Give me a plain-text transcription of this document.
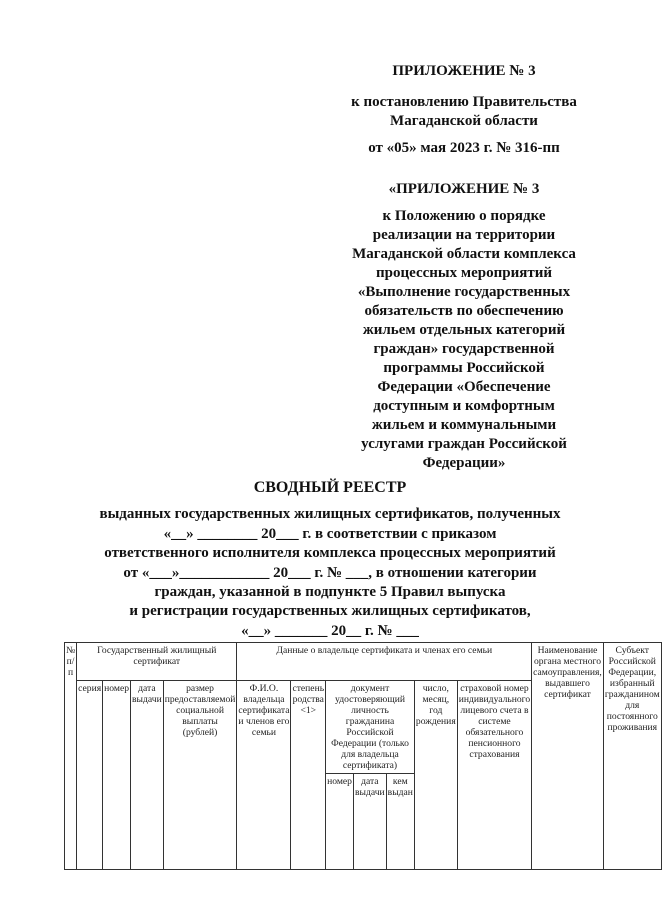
ПРИЛОЖЕНИЕ № 3

к постановлению Правительства

Магаданской области

от «05» мая 2023 г. № 316-пп

«ПРИЛОЖЕНИЕ № 3

к Положению о порядке

реализации на территории

Магаданской области комплекса

процессных мероприятий

«Выполнение государственных

обязательств по обеспечению

жильем отдельных категорий

граждан» государственной

программы Российской

Федерации «Обеспечение

доступным и комфортным

жильем и коммунальными

услугами граждан Российской

Федерации»

СВОДНЫЙ РЕЕСТР

выданных государственных жилищных сертификатов, полученных

«__» ________ 20___ г. в соответствии с приказом

ответственного исполнителя комплекса процессных мероприятий

от «___»____________ 20___ г. № ___, в отношении категории

граждан, указанной в подпункте 5 Правил выпуска

и регистрации государственных жилищных сертификатов,

«__» _______ 20__ г. № ___

№ п/п	Государственный жилищный сертификат				Данные о владельце сертификата и членах его семьи							Наименование органа местного самоуправления, выдавшего сертификат	Субъект Российской Федерации, избранный гражданином для постоянного проживания
	серия	номер	дата выдачи	размер предоставляемой социальной выплаты (рублей)	Ф.И.О. владельца сертификата и членов его семьи	степень родства <1>	документ удостоверяющий личность гражданина Российской Федерации (только для владельца сертификата)			число, месяц, год рождения	страховой номер индивидуального лицевого счета в системе обязательного пенсионного страхования		
							номер	дата выдачи	кем выдан				
